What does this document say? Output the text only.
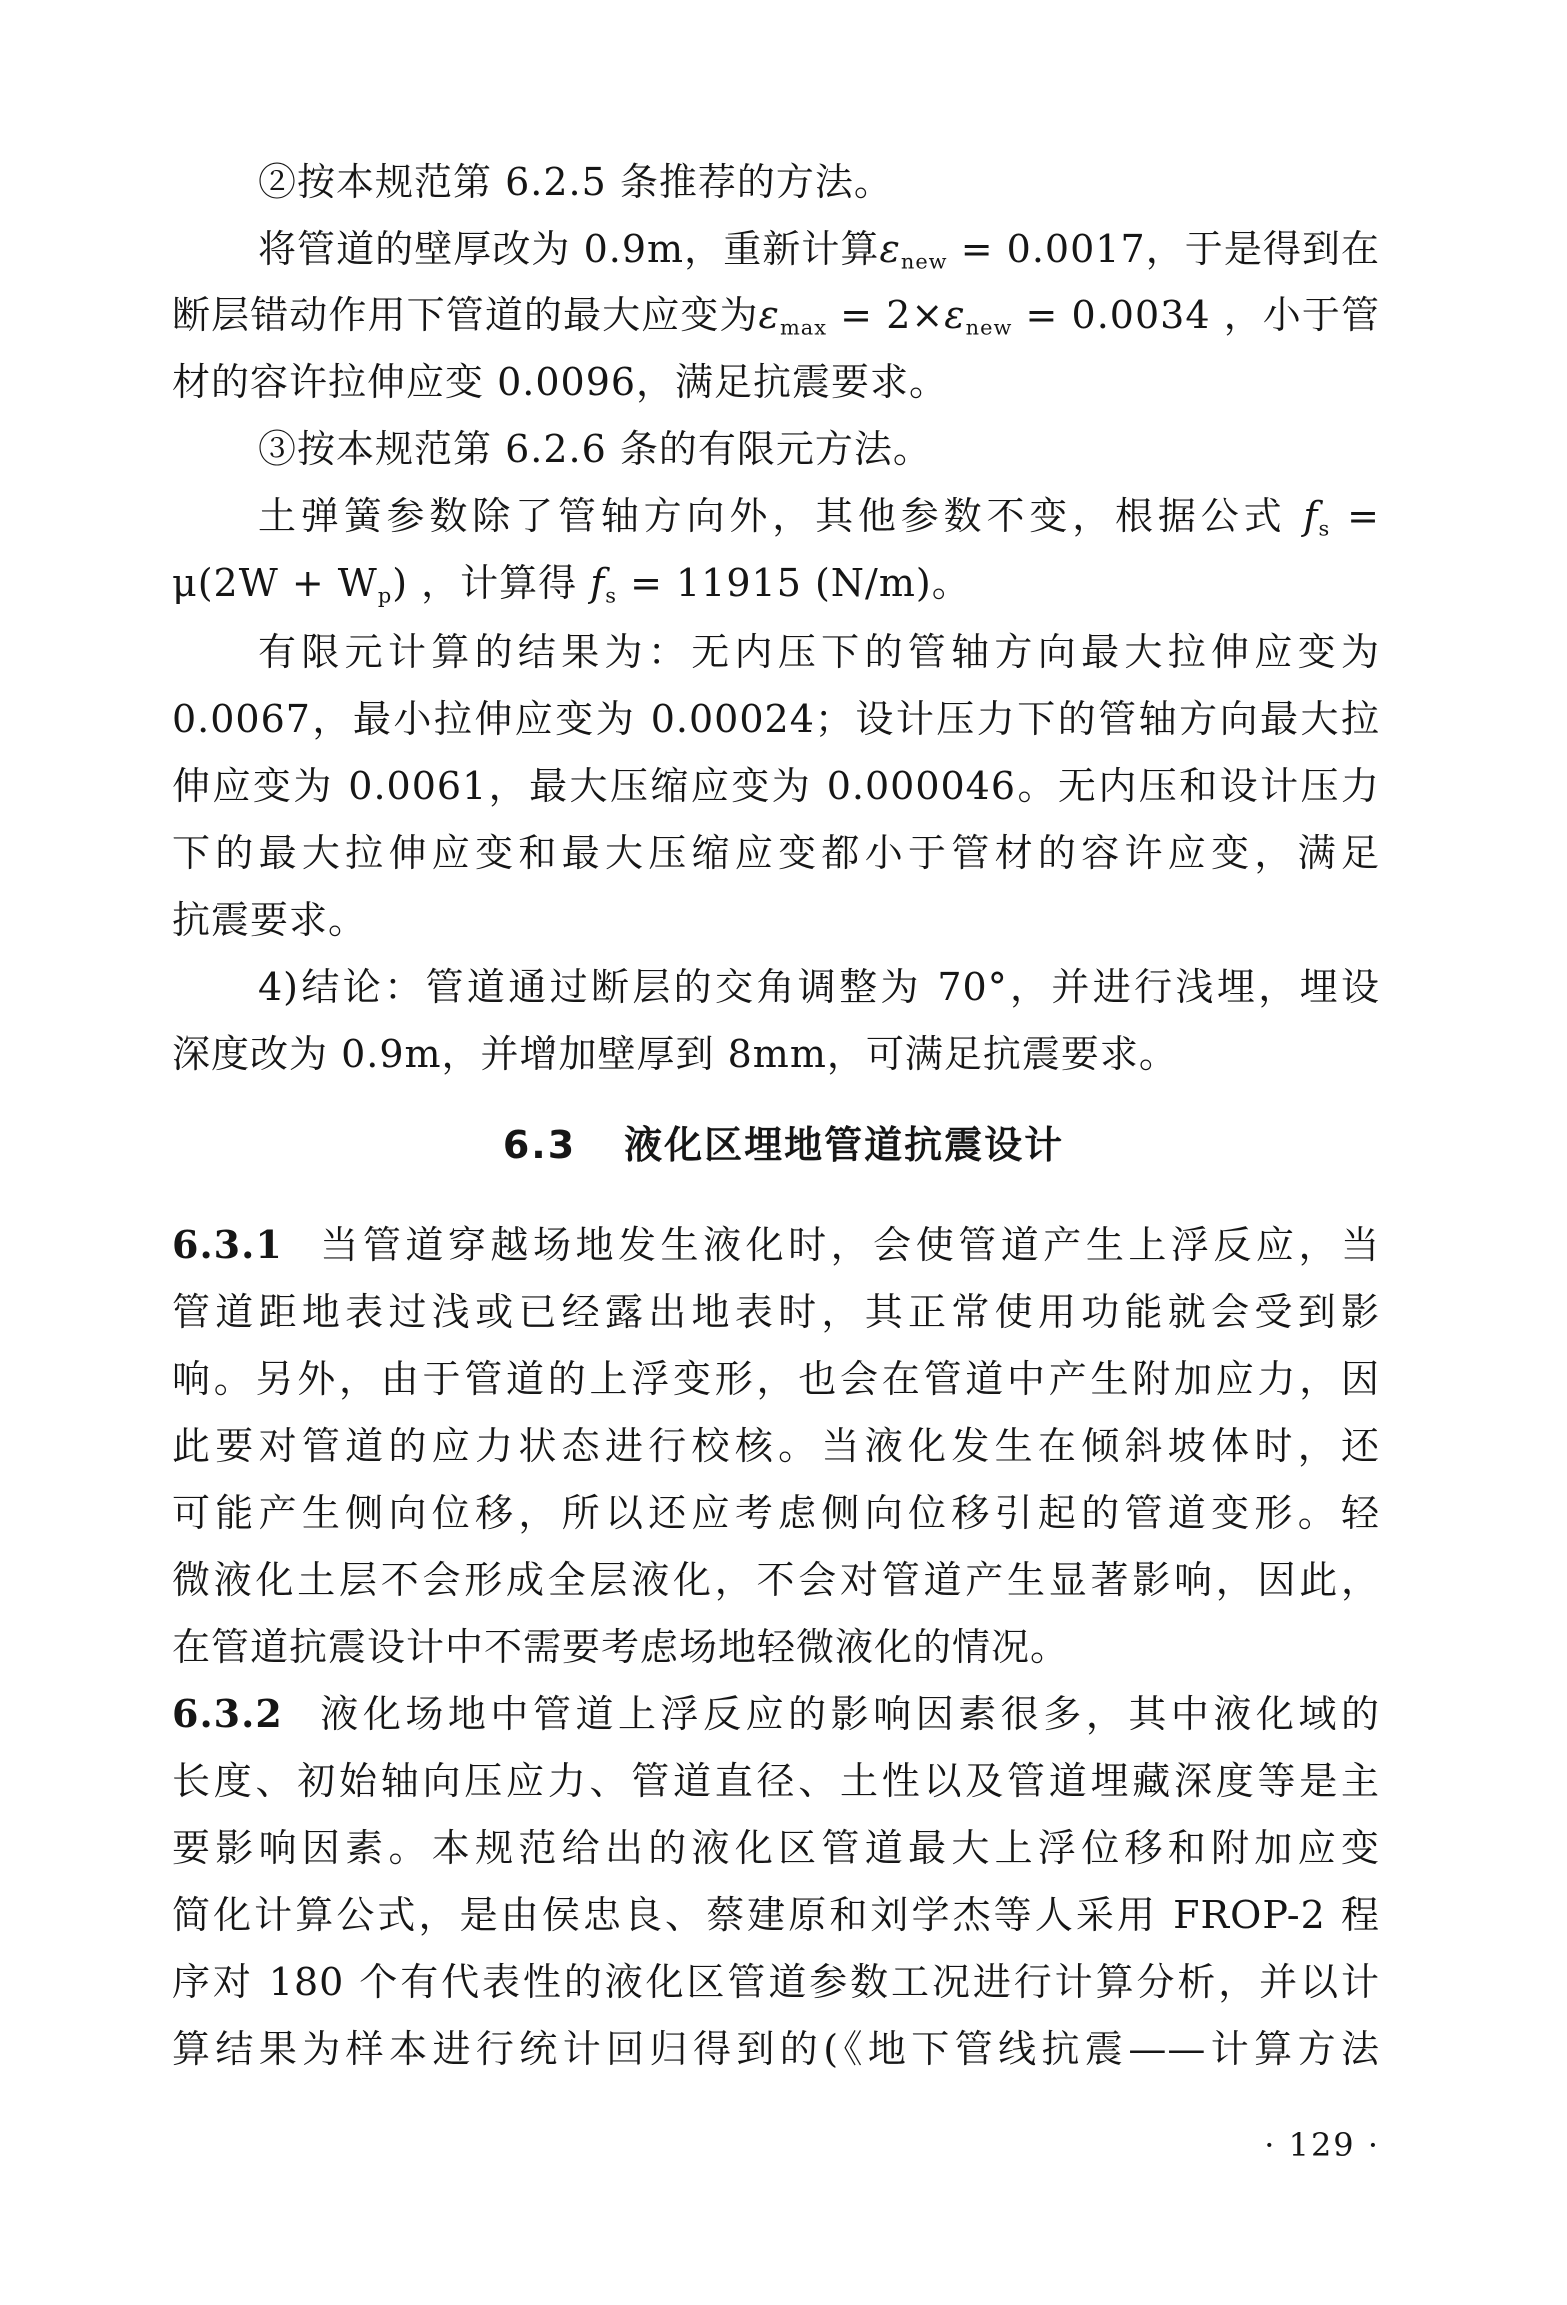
②按本规范第 6.2.5 条推荐的方法。
将管道的壁厚改为 0.9m，重新计算$\varepsilon_{new} = 0.0017$，于是得到在
断层错动作用下管道的最大应变为$\varepsilon_{max} = 2\times\varepsilon_{new} = 0.0034$ ，小于管
材的容许拉伸应变 0.0096，满足抗震要求。
③按本规范第 6.2.6 条的有限元方法。
土弹簧参数除了管轴方向外，其他参数不变，根据公式 $f_s$ =
$\mu(2W + W_p)$ ，计算得 $f_s = 11915$ (N/m)。
有限元计算的结果为：无内压下的管轴方向最大拉伸应变为
0.0067，最小拉伸应变为 0.00024；设计压力下的管轴方向最大拉
伸应变为 0.0061，最大压缩应变为 0.000046。无内压和设计压力
下的最大拉伸应变和最大压缩应变都小于管材的容许应变，满足
抗震要求。
4)结论：管道通过断层的交角调整为 70°，并进行浅埋，埋设
深度改为 0.9m，并增加壁厚到 8mm，可满足抗震要求。
6.3 液化区埋地管道抗震设计
6.3.1 当管道穿越场地发生液化时，会使管道产生上浮反应，当
管道距地表过浅或已经露出地表时，其正常使用功能就会受到影
响。另外，由于管道的上浮变形，也会在管道中产生附加应力，因
此要对管道的应力状态进行校核。当液化发生在倾斜坡体时，还
可能产生侧向位移，所以还应考虑侧向位移引起的管道变形。轻
微液化土层不会形成全层液化，不会对管道产生显著影响，因此，
在管道抗震设计中不需要考虑场地轻微液化的情况。
6.3.2 液化场地中管道上浮反应的影响因素很多，其中液化域的
长度、初始轴向压应力、管道直径、土性以及管道埋藏深度等是主
要影响因素。本规范给出的液化区管道最大上浮位移和附加应变
简化计算公式，是由侯忠良、蔡建原和刘学杰等人采用 FROP-2 程
序对 180 个有代表性的液化区管道参数工况进行计算分析，并以计
算结果为样本进行统计回归得到的(《地下管线抗震——计算方法
· 129 ·
